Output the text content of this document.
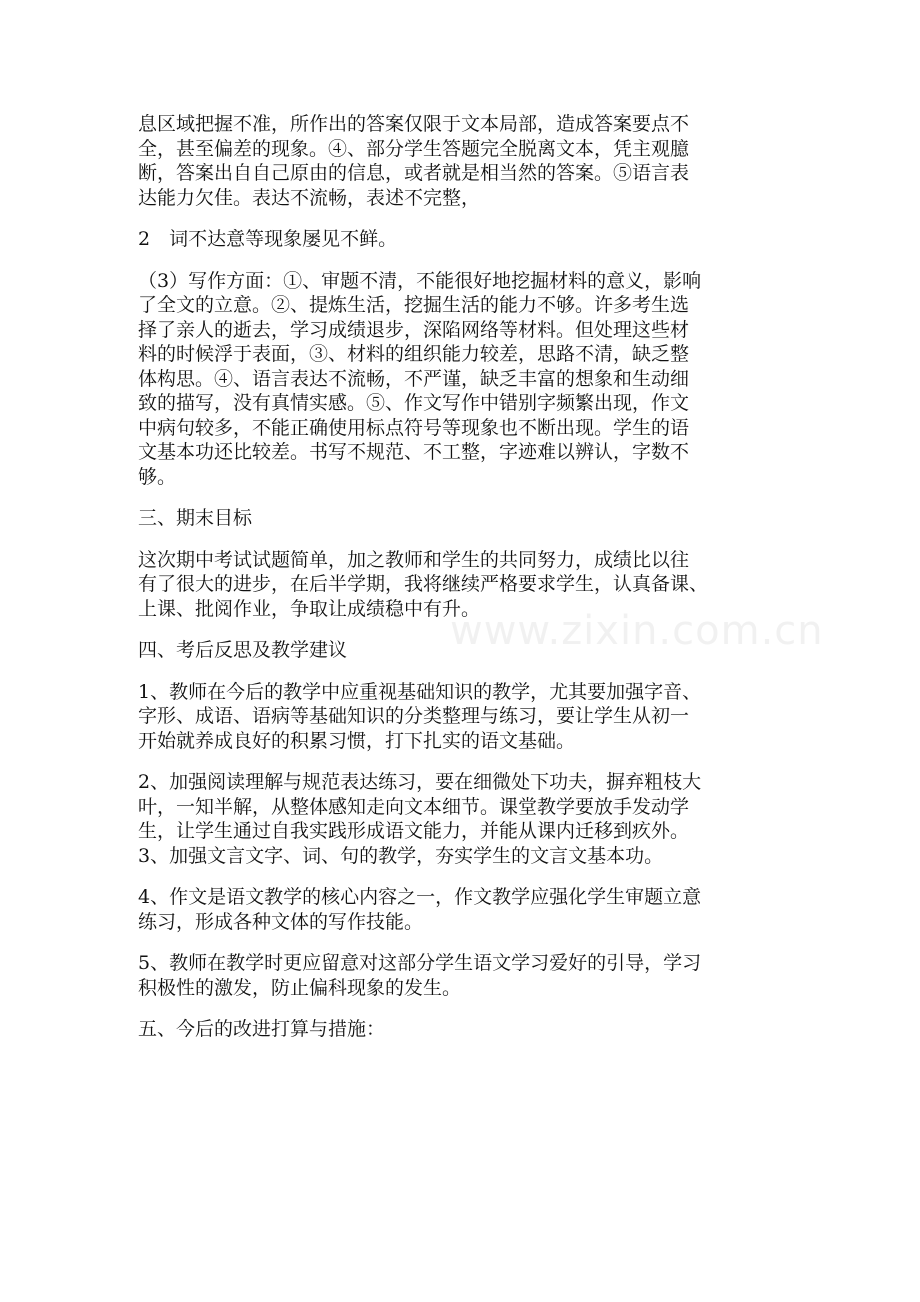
www.zixin.com.cn

息区域把握不准，所作出的答案仅限于文本局部，造成答案要点不
全，甚至偏差的现象。④、部分学生答题完全脱离文本，凭主观臆
断，答案出自自己原由的信息，或者就是相当然的答案。⑤语言表
达能力欠佳。表达不流畅，表述不完整，

2　词不达意等现象屡见不鲜。

（3）写作方面：①、审题不清，不能很好地挖掘材料的意义，影响
了全文的立意。②、提炼生活，挖掘生活的能力不够。许多考生选
择了亲人的逝去，学习成绩退步，深陷网络等材料。但处理这些材
料的时候浮于表面，③、材料的组织能力较差，思路不清，缺乏整
体构思。④、语言表达不流畅，不严谨，缺乏丰富的想象和生动细
致的描写，没有真情实感。⑤、作文写作中错别字频繁出现，作文
中病句较多，不能正确使用标点符号等现象也不断出现。学生的语
文基本功还比较差。书写不规范、不工整，字迹难以辨认，字数不
够。

三、期末目标

这次期中考试试题简单，加之教师和学生的共同努力，成绩比以往
有了很大的进步，在后半学期，我将继续严格要求学生，认真备课、
上课、批阅作业，争取让成绩稳中有升。

四、考后反思及教学建议

1、教师在今后的教学中应重视基础知识的教学，尤其要加强字音、
字形、成语、语病等基础知识的分类整理与练习，要让学生从初一
开始就养成良好的积累习惯，打下扎实的语文基础。

2、加强阅读理解与规范表达练习，要在细微处下功夫，摒弃粗枝大
叶，一知半解，从整体感知走向文本细节。课堂教学要放手发动学
生，让学生通过自我实践形成语文能力，并能从课内迁移到疚外。
3、加强文言文字、词、句的教学，夯实学生的文言文基本功。

4、作文是语文教学的核心内容之一，作文教学应强化学生审题立意
练习，形成各种文体的写作技能。

5、教师在教学时更应留意对这部分学生语文学习爱好的引导，学习
积极性的激发，防止偏科现象的发生。

五、今后的改进打算与措施：
